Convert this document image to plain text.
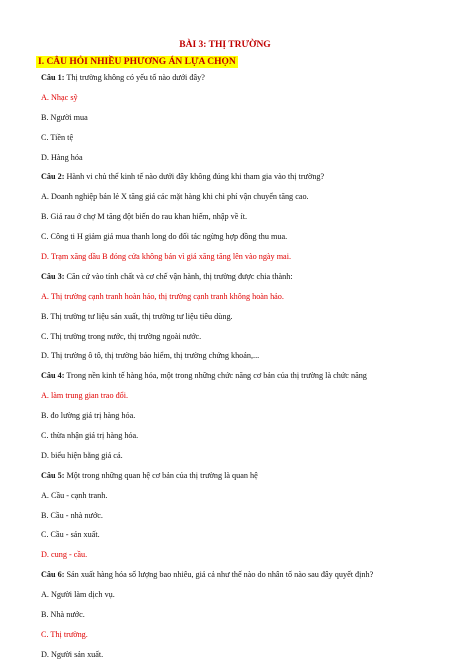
BÀI 3: THỊ TRƯỜNG
I. CÂU HỎI NHIỀU PHƯƠNG ÁN LỰA CHỌN
Câu 1: Thị trường không có yếu tố nào dưới đây?
A. Nhạc sỹ
B. Người mua
C. Tiền tệ
D. Hàng hóa
Câu 2: Hành vi chủ thể kinh tế nào dưới đây không đúng khi tham gia vào thị trường?
A. Doanh nghiệp bán lẻ X tăng giá các mặt hàng khi chi phí vận chuyển tăng cao.
B. Giá rau ở chợ M tăng đột biến do rau khan hiếm, nhập về ít.
C. Công ti H giảm giá mua thanh long do đối tác ngừng hợp đồng thu mua.
D. Trạm xăng dầu B đóng cửa không bán vì giá xăng tăng lên vào ngày mai.
Câu 3: Căn cứ vào tính chất và cơ chế vận hành, thị trường được chia thành:
A. Thị trường cạnh tranh hoàn hảo, thị trường cạnh tranh không hoàn hảo.
B. Thị trường tư liệu sản xuất, thị trường tư liệu tiêu dùng.
C. Thị trường trong nước, thị trường ngoài nước.
D. Thị trường ô tô, thị trường bảo hiểm, thị trường chứng khoán,...
Câu 4: Trong nền kinh tế hàng hóa, một trong những chức năng cơ bản của thị trường là chức năng
A. làm trung gian trao đổi.
B. đo lường giá trị hàng hóa.
C. thừa nhận giá trị hàng hóa.
D. biểu hiện bằng giá cả.
Câu 5: Một trong những quan hệ cơ bản của thị trường là quan hệ
A. Cầu - cạnh tranh.
B. Cầu - nhà nước.
C. Cầu - sản xuất.
D. cung - cầu.
Câu 6: Sản xuất hàng hóa số lượng bao nhiêu, giá cả như thế nào do nhân tố nào sau đây quyết định?
A. Người làm dịch vụ.
B. Nhà nước.
C. Thị trường.
D. Người sản xuất.
